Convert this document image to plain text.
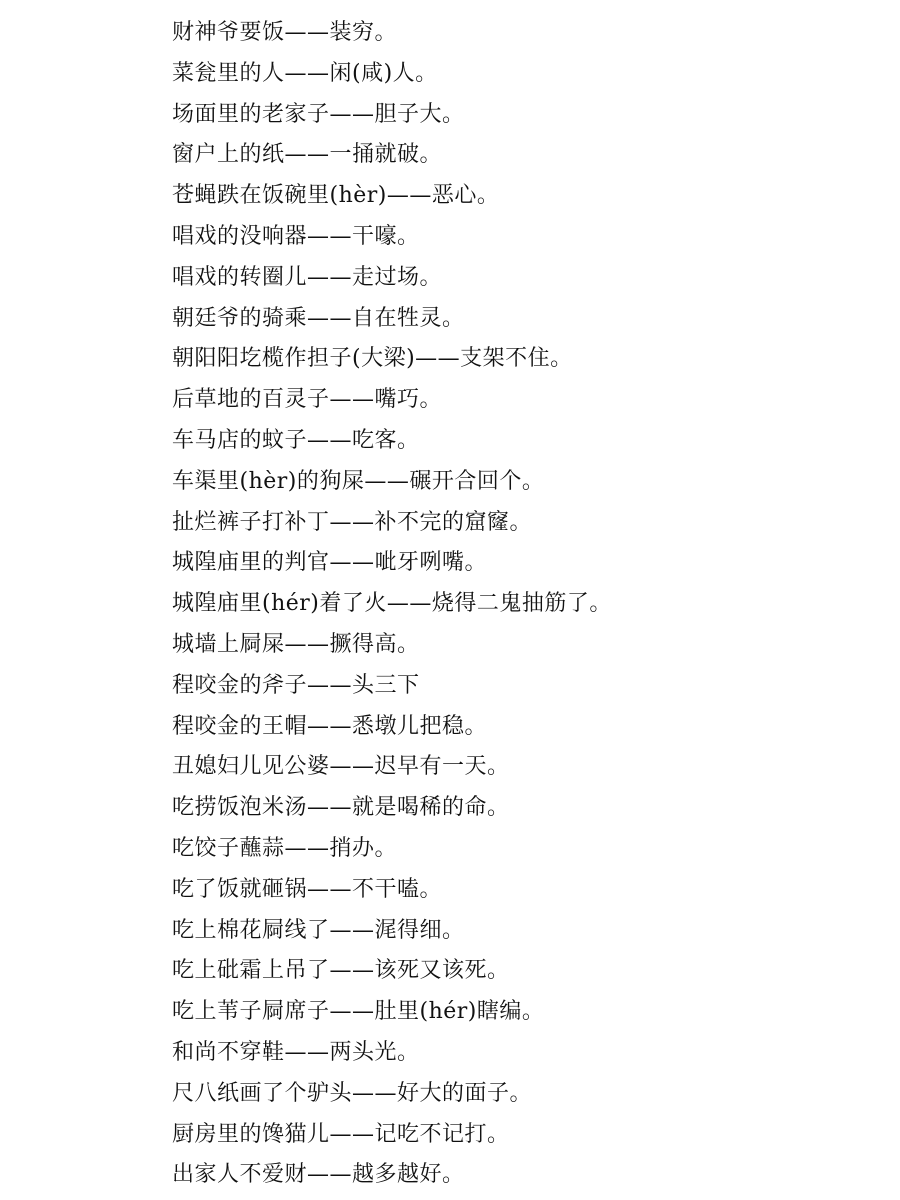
财神爷要饭——装穷。
菜瓮里的人——闲(咸)人。
场面里的老家子——胆子大。
窗户上的纸——一捅就破。
苍蝇跌在饭碗里(hèr)——恶心。
唱戏的没响器——干嚎。
唱戏的转圈儿——走过场。
朝廷爷的骑乘——自在牲灵。
朝阳阳圪榄作担子(大梁)——支架不住。
后草地的百灵子——嘴巧。
车马店的蚊子——吃客。
车渠里(hèr)的狗屎——碾开合回个。
扯烂裤子打补丁——补不完的窟窿。
城隍庙里的判官——呲牙咧嘴。
城隍庙里(hér)着了火——烧得二鬼抽筋了。
城墙上屙屎——撅得高。
程咬金的斧子——头三下
程咬金的王帽——悉墩儿把稳。
丑媳妇儿见公婆——迟早有一天。
吃捞饭泡米汤——就是喝稀的命。
吃饺子蘸蒜——捎办。
吃了饭就砸锅——不干嗑。
吃上棉花屙线了——浘得细。
吃上砒霜上吊了——该死又该死。
吃上苇子屙席子——肚里(hér)瞎编。
和尚不穿鞋——两头光。
尺八纸画了个驴头——好大的面子。
厨房里的馋猫儿——记吃不记打。
出家人不爱财——越多越好。
